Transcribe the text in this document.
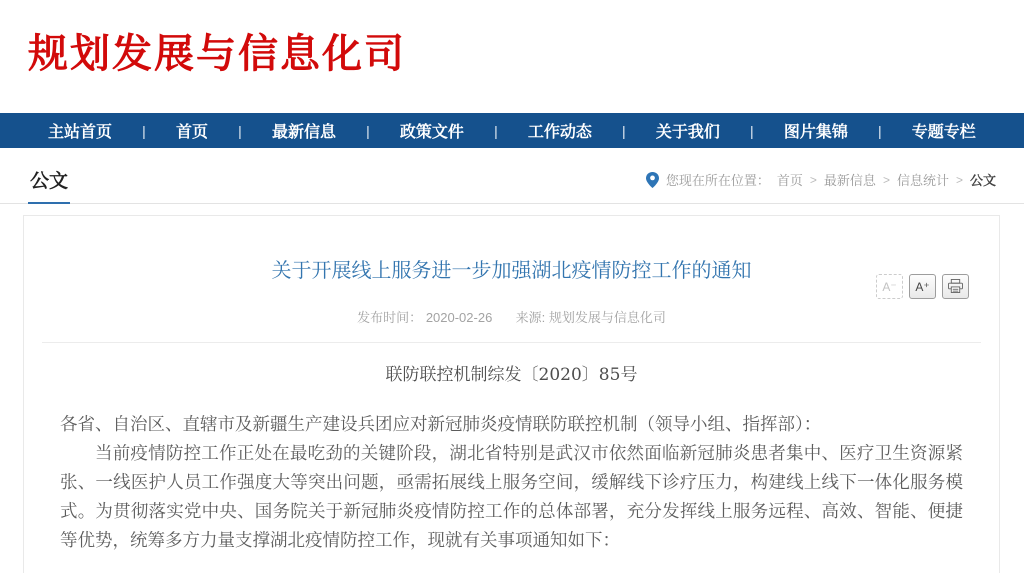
规划发展与信息化司
主站首页 | 首页 | 最新信息 | 政策文件 | 工作动态 | 关于我们 | 图片集锦 | 专题专栏
公文	您现在所在位置： 首页 > 最新信息 > 信息统计 > 公文
关于开展线上服务进一步加强湖北疫情防控工作的通知
发布时间： 2020-02-26 来源: 规划发展与信息化司
A⁻	A⁺
联防联控机制综发〔2020〕85号

各省、自治区、直辖市及新疆生产建设兵团应对新冠肺炎疫情联防联控机制（领导小组、指挥部）：

当前疫情防控工作正处在最吃劲的关键阶段，湖北省特别是武汉市依然面临新冠肺炎患者集中、医疗卫生资源紧张、一线医护人员工作强度大等突出问题，亟需拓展线上服务空间，缓解线下诊疗压力，构建线上线下一体化服务模式。为贯彻落实党中央、国务院关于新冠肺炎疫情防控工作的总体部署，充分发挥线上服务远程、高效、智能、便捷等优势，统筹多方力量支撑湖北疫情防控工作，现就有关事项通知如下：
